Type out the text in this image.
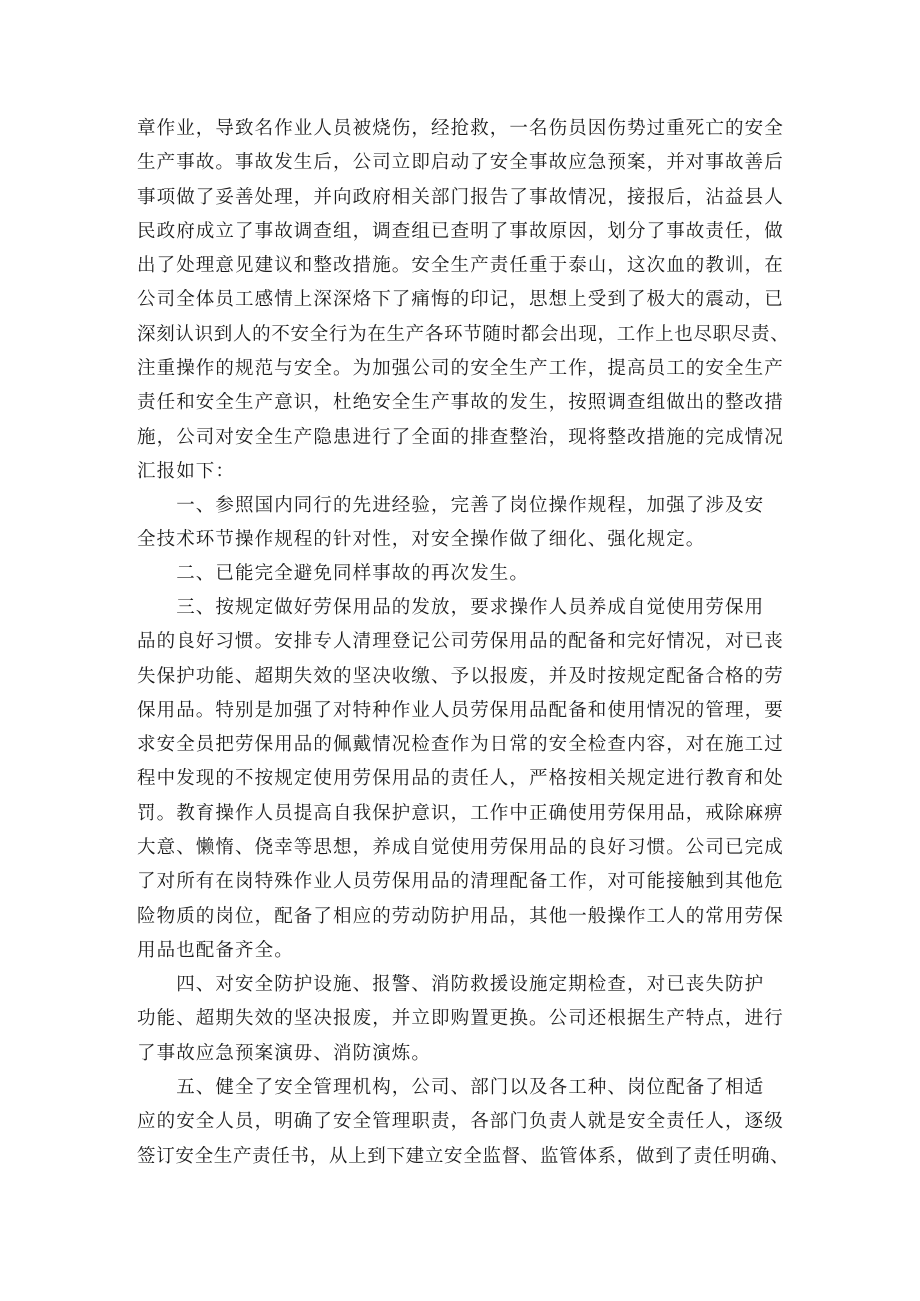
章作业，导致名作业人员被烧伤，经抢救，一名伤员因伤势过重死亡的安全
生产事故。事故发生后，公司立即启动了安全事故应急预案，并对事故善后
事项做了妥善处理，并向政府相关部门报告了事故情况，接报后，沾益县人
民政府成立了事故调查组，调查组已查明了事故原因，划分了事故责任，做
出了处理意见建议和整改措施。安全生产责任重于泰山，这次血的教训，在
公司全体员工感情上深深烙下了痛悔的印记，思想上受到了极大的震动，已
深刻认识到人的不安全行为在生产各环节随时都会出现，工作上也尽职尽责、
注重操作的规范与安全。为加强公司的安全生产工作，提高员工的安全生产
责任和安全生产意识，杜绝安全生产事故的发生，按照调查组做出的整改措
施，公司对安全生产隐患进行了全面的排查整治，现将整改措施的完成情况
汇报如下：
　　一、参照国内同行的先进经验，完善了岗位操作规程，加强了涉及安
全技术环节操作规程的针对性，对安全操作做了细化、强化规定。
　　二、已能完全避免同样事故的再次发生。
　　三、按规定做好劳保用品的发放，要求操作人员养成自觉使用劳保用
品的良好习惯。安排专人清理登记公司劳保用品的配备和完好情况，对已丧
失保护功能、超期失效的坚决收缴、予以报废，并及时按规定配备合格的劳
保用品。特别是加强了对特种作业人员劳保用品配备和使用情况的管理，要
求安全员把劳保用品的佩戴情况检查作为日常的安全检查内容，对在施工过
程中发现的不按规定使用劳保用品的责任人，严格按相关规定进行教育和处
罚。教育操作人员提高自我保护意识，工作中正确使用劳保用品，戒除麻痹
大意、懒惰、侥幸等思想，养成自觉使用劳保用品的良好习惯。公司已完成
了对所有在岗特殊作业人员劳保用品的清理配备工作，对可能接触到其他危
险物质的岗位，配备了相应的劳动防护用品，其他一般操作工人的常用劳保
用品也配备齐全。
　　四、对安全防护设施、报警、消防救援设施定期检查，对已丧失防护
功能、超期失效的坚决报废，并立即购置更换。公司还根据生产特点，进行
了事故应急预案演毋、消防演炼。
　　五、健全了安全管理机构，公司、部门以及各工种、岗位配备了相适
应的安全人员，明确了安全管理职责，各部门负责人就是安全责任人，逐级
签订安全生产责任书，从上到下建立安全监督、监管体系，做到了责任明确、
